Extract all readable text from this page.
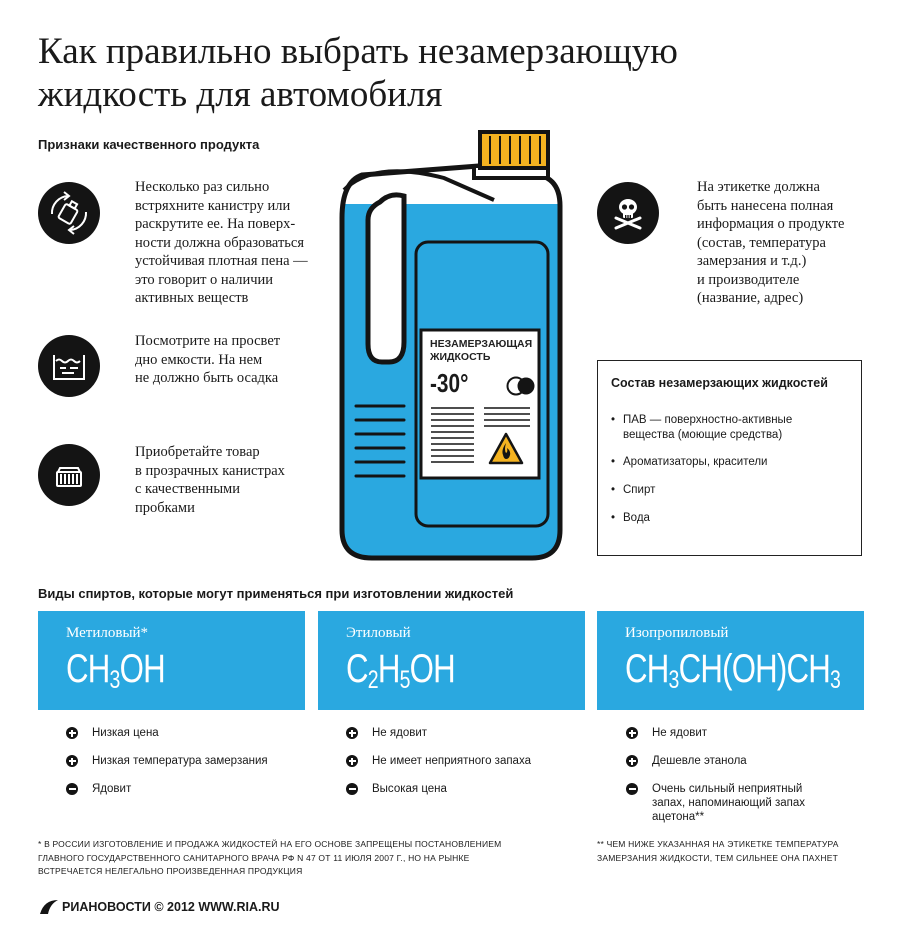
Как правильно выбрать незамерзающую
жидкость для автомобиля
Признаки качественного продукта
Несколько раз сильно
встряхните канистру или
раскрутите ее. На поверх-
ности должна образоваться
устойчивая плотная пена —
это говорит о наличии
активных веществ
Посмотрите на просвет
дно емкости. На нем
не должно быть осадка
Приобретайте товар
в прозрачных канистрах
с качественными
пробками
На этикетке должна
быть нанесена полная
информация о продукте
(состав, температура
замерзания и т.д.)
и производителе
(название, адрес)
НЕЗАМЕРЗАЮЩАЯ
ЖИДКОСТЬ
-30°	Состав незамерзающих жидкостей
• ПАВ — поверхностно-активные
вещества (моющие средства)
• Ароматизаторы, красители
• Спирт
• Вода
Виды спиртов, которые могут применяться при изготовлении жидкостей
Метиловый*
$CH_3OH$
Этиловый
$C_2H_5OH$
Изопропиловый
$CH_3CH(OH)CH_3$
Низкая цена
Низкая температура замерзания
Ядовит
Не ядовит
Не имеет неприятного запаха
Высокая цена
Не ядовит
Дешевле этанола
Очень сильный неприятный
запах, напоминающий запах
ацетона**
* В РОССИИ ИЗГОТОВЛЕНИЕ И ПРОДАЖА ЖИДКОСТЕЙ НА ЕГО ОСНОВЕ ЗАПРЕЩЕНЫ ПОСТАНОВЛЕНИЕМ
ГЛАВНОГО ГОСУДАРСТВЕННОГО САНИТАРНОГО ВРАЧА РФ N 47 ОТ 11 ИЮЛЯ 2007 Г., НО НА РЫНКЕ
ВСТРЕЧАЕТСЯ НЕЛЕГАЛЬНО ПРОИЗВЕДЕННАЯ ПРОДУКЦИЯ
** ЧЕМ НИЖЕ УКАЗАННАЯ НА ЭТИКЕТКЕ ТЕМПЕРАТУРА
ЗАМЕРЗАНИЯ ЖИДКОСТИ, ТЕМ СИЛЬНЕЕ ОНА ПАХНЕТ
РИАНОВОСТИ © 2012 WWW.RIA.RU
